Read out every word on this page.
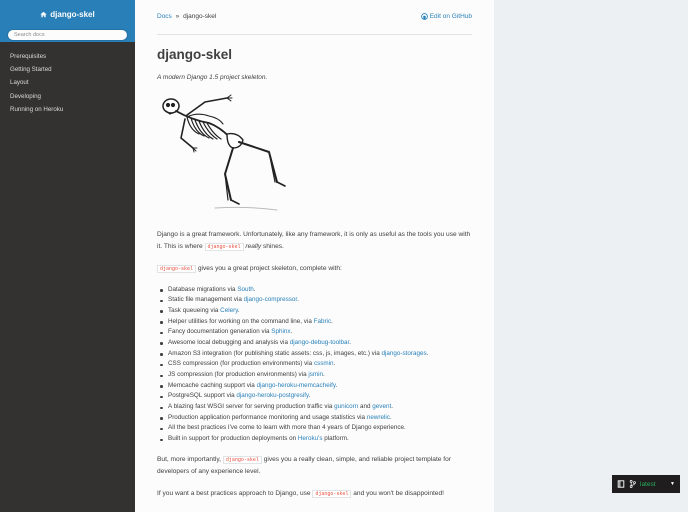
django-skel
Search docs
Prerequisites
Getting Started
Layout
Developing
Running on Heroku
Docs » django-skel	Edit on GitHub
django-skel

A modern Django 1.5 project skeleton.

Django is a great framework. Unfortunately, like any framework, it is only as useful as the tools you use with it. This is where django-skel really shines.

django-skel gives you a great project skeleton, complete with:

Database migrations via South.
Static file management via django-compressor.
Task queueing via Celery.
Helper utilities for working on the command line, via Fabric.
Fancy documentation generation via Sphinx.
Awesome local debugging and analysis via django-debug-toolbar.
Amazon S3 integration (for publishing static assets: css, js, images, etc.) via django-storages.
CSS compression (for production environments) via cssmin.
JS compression (for production environments) via jsmin.
Memcache caching support via django-heroku-memcacheify.
PostgreSQL support via django-heroku-postgresify.
A blazing fast WSGI server for serving production traffic via gunicorn and gevent.
Production application performance monitoring and usage statistics via newrelic.
All the best practices I've come to learn with more than 4 years of Django experience.
Built in support for production deployments on Heroku's platform.

But, more importantly, django-skel gives you a really clean, simple, and reliable project template for developers of any experience level.

If you want a best practices approach to Django, use django-skel and you won't be disappointed!

latest	▼
